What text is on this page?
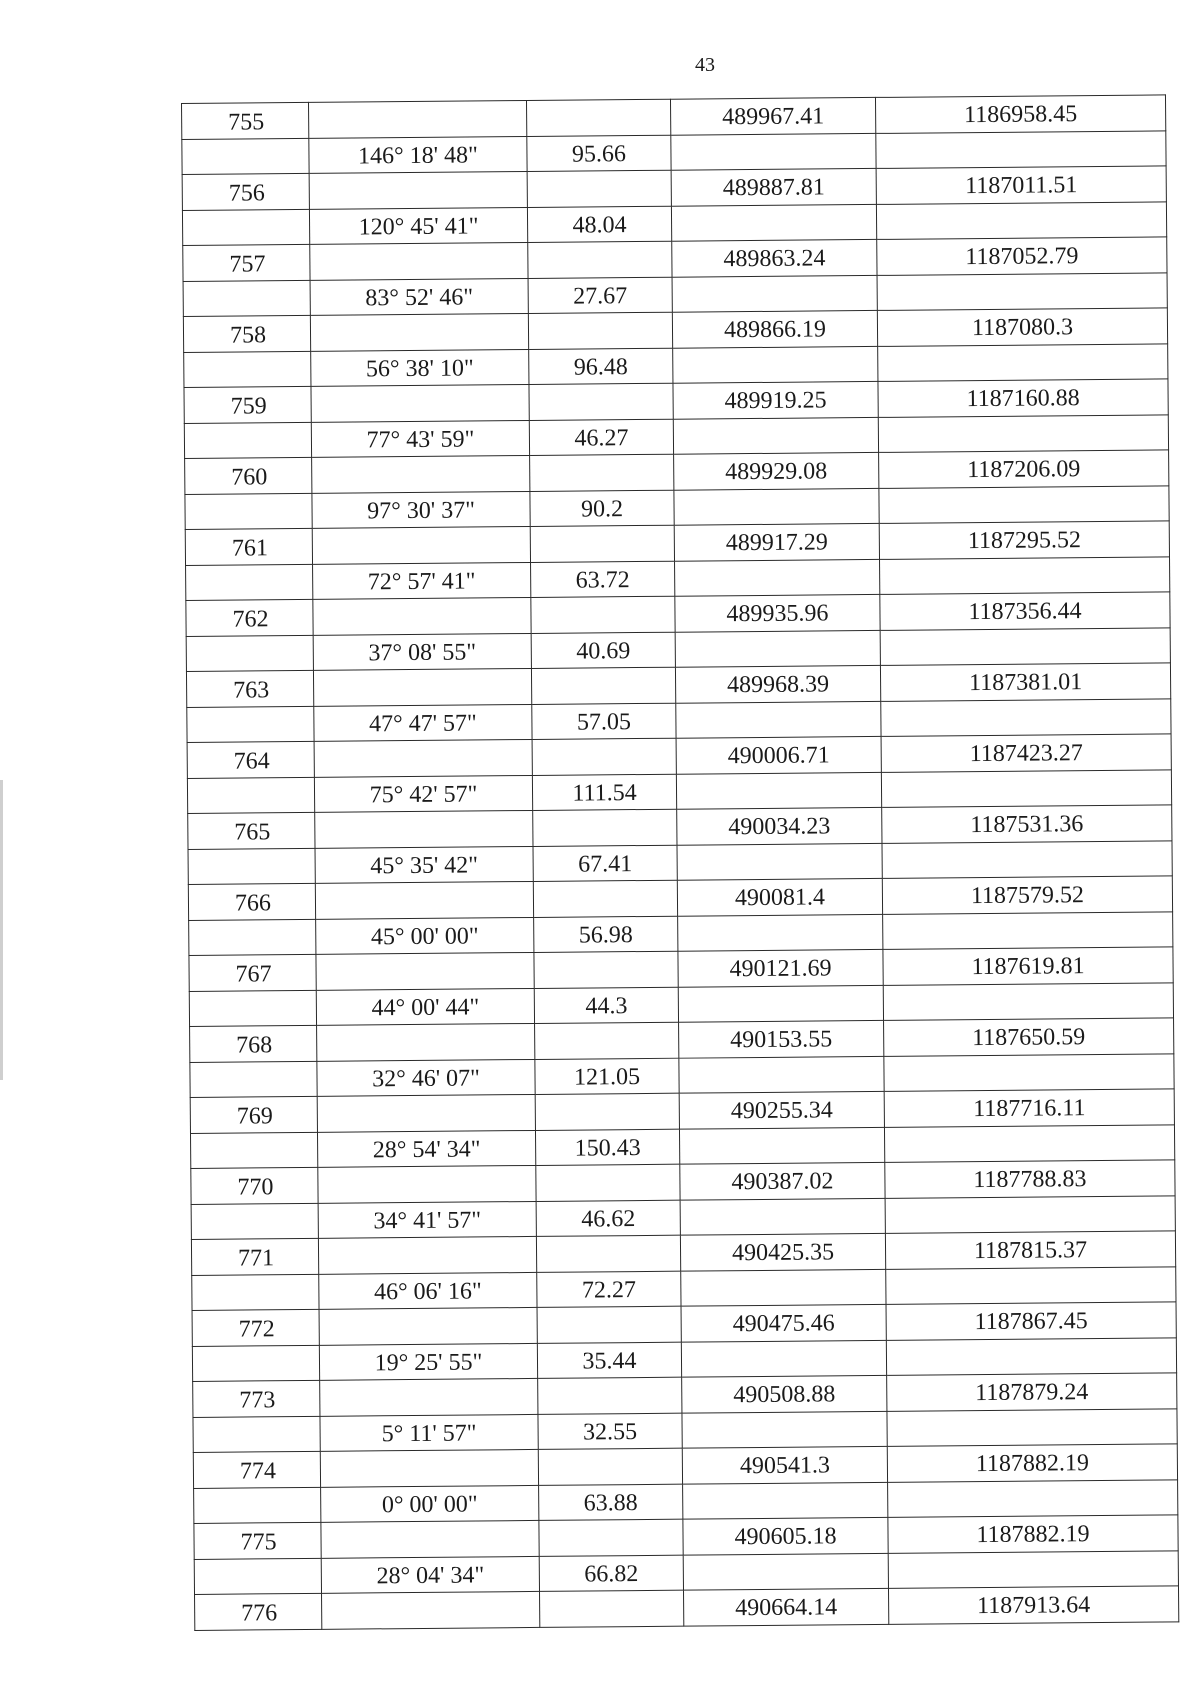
43
755			489967.41	1186958.45
	146° 18' 48"	95.66		
756			489887.81	1187011.51
	120° 45' 41"	48.04		
757			489863.24	1187052.79
	83° 52' 46"	27.67		
758			489866.19	1187080.3
	56° 38' 10"	96.48		
759			489919.25	1187160.88
	77° 43' 59"	46.27		
760			489929.08	1187206.09
	97° 30' 37"	90.2		
761			489917.29	1187295.52
	72° 57' 41"	63.72		
762			489935.96	1187356.44
	37° 08' 55"	40.69		
763			489968.39	1187381.01
	47° 47' 57"	57.05		
764			490006.71	1187423.27
	75° 42' 57"	111.54		
765			490034.23	1187531.36
	45° 35' 42"	67.41		
766			490081.4	1187579.52
	45° 00' 00"	56.98		
767			490121.69	1187619.81
	44° 00' 44"	44.3		
768			490153.55	1187650.59
	32° 46' 07"	121.05		
769			490255.34	1187716.11
	28° 54' 34"	150.43		
770			490387.02	1187788.83
	34° 41' 57"	46.62		
771			490425.35	1187815.37
	46° 06' 16"	72.27		
772			490475.46	1187867.45
	19° 25' 55"	35.44		
773			490508.88	1187879.24
	5° 11' 57"	32.55		
774			490541.3	1187882.19
	0° 00' 00"	63.88		
775			490605.18	1187882.19
	28° 04' 34"	66.82		
776			490664.14	1187913.64
